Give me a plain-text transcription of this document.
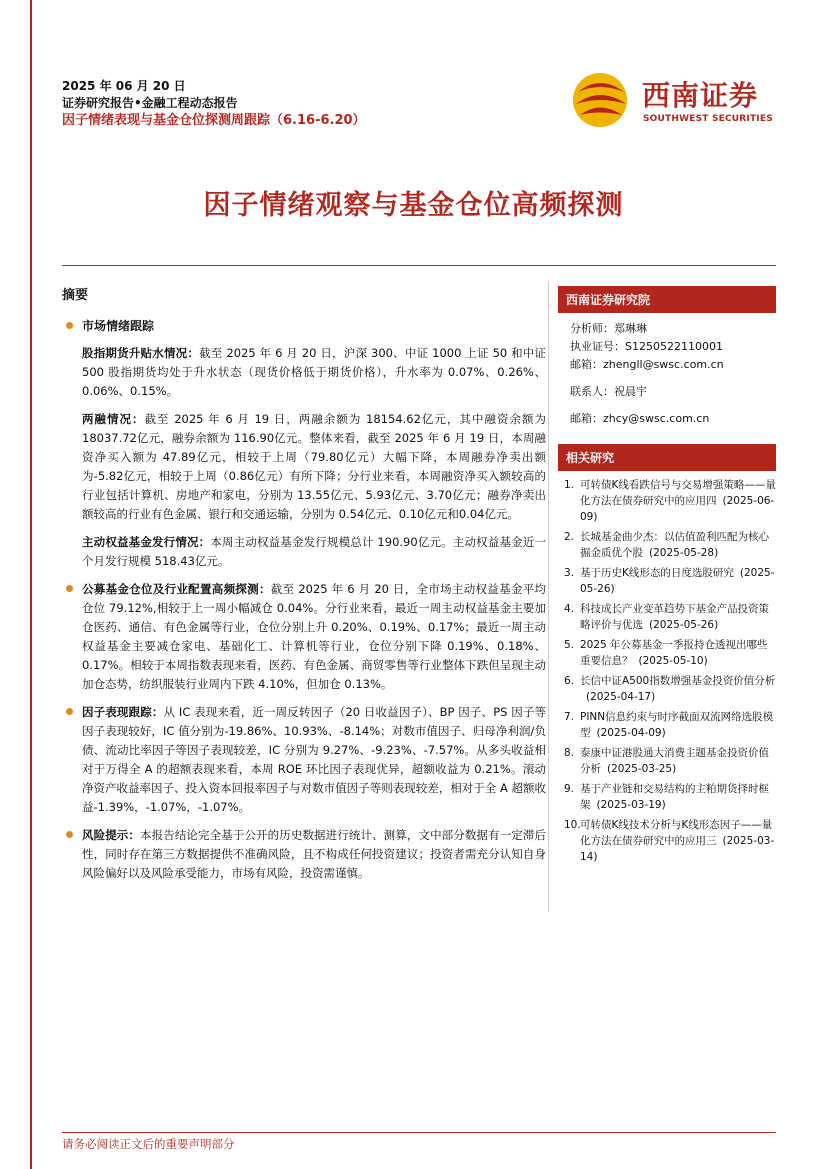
2025 年 06 月 20 日
证券研究报告•金融工程动态报告
因子情绪表现与基金仓位探测周跟踪（6.16-6.20）
西南证券
SOUTHWEST SECURITIES
因子情绪观察与基金仓位高频探测
摘要
市场情绪跟踪

股指期货升贴水情况：截至 2025 年 6 月 20 日，沪深 300、中证 1000 上证 50 和中证 500 股指期货均处于升水状态（现货价格低于期货价格），升水率为 0.07%、0.26%、0.06%、0.15%。

两融情况：截至 2025 年 6 月 19 日，两融余额为 18154.62亿元，其中融资余额为 18037.72亿元，融券余额为 116.90亿元。整体来看，截至 2025 年 6 月 19 日，本周融资净买入额为 47.89亿元，相较于上周（79.80亿元）大幅下降，本周融券净卖出额为-5.82亿元，相较于上周（0.86亿元）有所下降；分行业来看，本周融资净买入额较高的行业包括计算机、房地产和家电，分别为 13.55亿元、5.93亿元、3.70亿元；融券净卖出额较高的行业有色金属、银行和交通运输，分别为 0.54亿元、0.10亿元和0.04亿元。

主动权益基金发行情况：本周主动权益基金发行规模总计 190.90亿元。主动权益基金近一个月发行规模 518.43亿元。

公募基金仓位及行业配置高频探测：截至 2025 年 6 月 20 日，全市场主动权益基金平均仓位 79.12%,相较于上一周小幅减仓 0.04%。分行业来看，最近一周主动权益基金主要加仓医药、通信、有色金属等行业，仓位分别上升 0.20%、0.19%、0.17%；最近一周主动权益基金主要减仓家电、基础化工、计算机等行业，仓位分别下降 0.19%、0.18%、0.17%。相较于本周指数表现来看，医药、有色金属、商贸零售等行业整体下跌但呈现主动加仓态势，纺织服装行业周内下跌 4.10%，但加仓 0.13%。

因子表现跟踪：从 IC 表现来看，近一周反转因子（20 日收益因子）、BP 因子、PS 因子等因子表现较好，IC 值分别为-19.86%、10.93%、-8.14%；对数市值因子、归母净利润/负债、流动比率因子等因子表现较差，IC 分别为 9.27%、-9.23%、-7.57%。从多头收益相对于万得全 A 的超额表现来看，本周 ROE 环比因子表现优异，超额收益为 0.21%。滚动净资产收益率因子、投入资本回报率因子与对数市值因子等则表现较差，相对于全 A 超额收益-1.39%，-1.07%，-1.07%。

风险提示：本报告结论完全基于公开的历史数据进行统计、测算，文中部分数据有一定滞后性，同时存在第三方数据提供不准确风险，且不构成任何投资建议；投资者需充分认知自身风险偏好以及风险承受能力，市场有风险，投资需谨慎。

西南证券研究院
分析师：郑琳琳
执业证号：S1250522110001
邮箱：zhengll@swsc.com.cn
联系人：祝晨宇
邮箱：zhcy@swsc.com.cn
相关研究
1. 可转债K线看跌信号与交易增强策略——量化方法在债券研究中的应用四 (2025-06-09)
2. 长城基金曲少杰：以估值盈利匹配为核心掘金质优个股 (2025-05-28)
3. 基于历史K线形态的日度选股研究 (2025-05-26)
4. 科技成长产业变革趋势下基金产品投资策略评价与优选 (2025-05-26)
5. 2025 年公募基金一季报持仓透视出哪些重要信息？ (2025-05-10)
6. 长信中证A500指数增强基金投资价值分析(2025-04-17)
7. PINN信息约束与时序截面双流网络选股模型 (2025-04-09)
8. 泰康中证港股通大消费主题基金投资价值分析 (2025-03-25)
9. 基于产业链和交易结构的主粕期货择时框架 (2025-03-19)
10. 可转债K线技术分析与K线形态因子——量化方法在债券研究中的应用三 (2025-03-14)
请务必阅读正文后的重要声明部分
